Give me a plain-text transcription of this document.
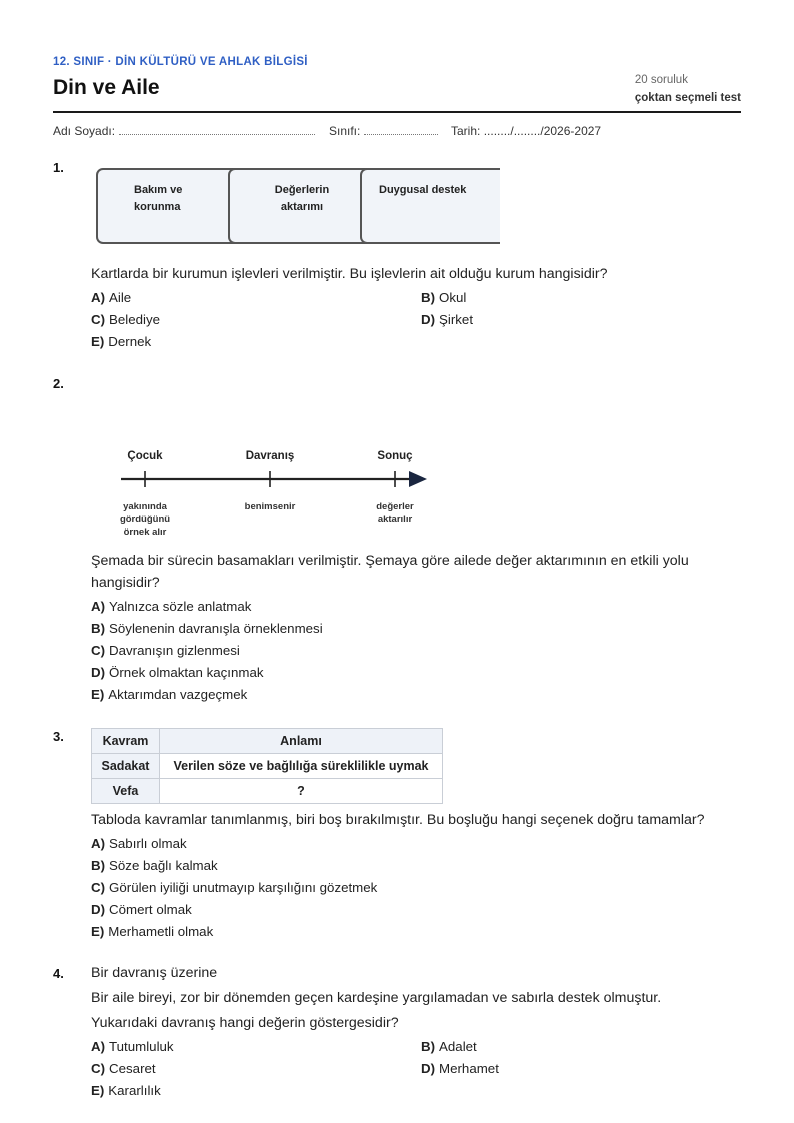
12. SINIF · DİN KÜLTÜRÜ VE AHLAK BİLGİSİ
Din ve Aile	20 soruluk
çoktan seçmeli test
Adı Soyadı:	Sınıfı:	Tarih: ......../......../2026-2027
1.
Bakım ve
korunma
Değerlerin
aktarımı
Duygusal destek
Kartlarda bir kurumun işlevleri verilmiştir. Bu işlevlerin ait olduğu kurum hangisidir?
A) Aile	B) Okul
C) Belediye	D) Şirket
E) Dernek
2.
Çocuk	Davranış	Sonuç
yakınında
gördüğünü
örnek alır
benimsenir	değerler
aktarılır
Şemada bir sürecin basamakları verilmiştir. Şemaya göre ailede değer aktarımının en etkili yolu
hangisidir?
A) Yalnızca sözle anlatmak
B) Söylenenin davranışla örneklenmesi
C) Davranışın gizlenmesi
D) Örnek olmaktan kaçınmak
E) Aktarımdan vazgeçmek
3.	Kavram	Anlamı
Sadakat	Verilen söze ve bağlılığa süreklilikle uymak
Vefa	?
Tabloda kavramlar tanımlanmış, biri boş bırakılmıştır. Bu boşluğu hangi seçenek doğru tamamlar?
A) Sabırlı olmak
B) Söze bağlı kalmak
C) Görülen iyiliği unutmayıp karşılığını gözetmek
D) Cömert olmak
E) Merhametli olmak
4. Bir davranış üzerine
Bir aile bireyi, zor bir dönemden geçen kardeşine yargılamadan ve sabırla destek olmuştur.
Yukarıdaki davranış hangi değerin göstergesidir?
A) Tutumluluk	B) Adalet
C) Cesaret	D) Merhamet
E) Kararlılık
